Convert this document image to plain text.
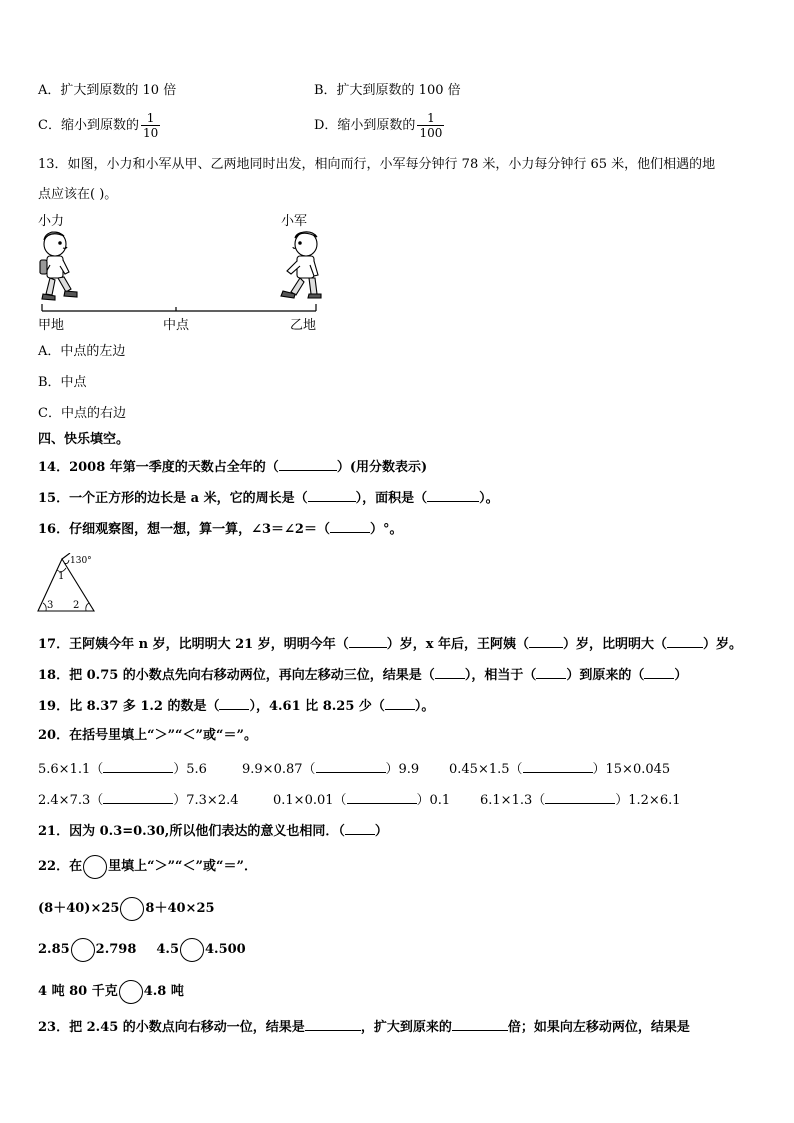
A．扩大到原数的 10 倍	B．扩大到原数的 100 倍
C．缩小到原数的 $\frac{1}{10}$	D．缩小到原数的 $\frac{1}{100}$
13．如图，小力和小军从甲、乙两地同时出发，相向而行，小军每分钟行 78 米，小力每分钟行 65 米，他们相遇的地
点应该在( )。
小力	小军
甲地	中点	乙地
A．中点的左边
B．中点
C．中点的右边
四、快乐填空。
14．2008 年第一季度的天数占全年的（	）(用分数表示)
15．一个正方形的边长是 a 米，它的周长是（	），面积是（	）。
16．仔细观察图，想一想，算一算，∠3＝∠2＝（	）°。
130°
1
3 2
17．王阿姨今年 n 岁，比明明大 21 岁，明明今年（	）岁，x 年后，王阿姨（	）岁，比明明大（	）岁。
18．把 0.75 的小数点先向右移动两位，再向左移动三位，结果是（ ），相当于（ ）到原来的（ ）
19．比 8.37 多 1.2 的数是（ ），4.61 比 8.25 少（ ）。
20．在括号里填上“＞”“＜”或“＝”。
5.6×1.1（	）5.6	9.9×0.87（	）9.9 0.45×1.5（	）15×0.045
2.4×7.3（	）7.3×2.4	0.1×0.01（	）0.1 6.1×1.3（	）1.2×6.1
21．因为 0.3=0.30,所以他们表达的意义也相同．（ ）
22．在 里填上“＞”“＜”或“＝”．
(8＋40)×25 8＋40×25
2.85 2.798 4.5 4.500
4 吨 80 千克 4.8 吨
23．把 2.45 的小数点向右移动一位，结果是	，扩大到原来的	倍；如果向左移动两位，结果是
